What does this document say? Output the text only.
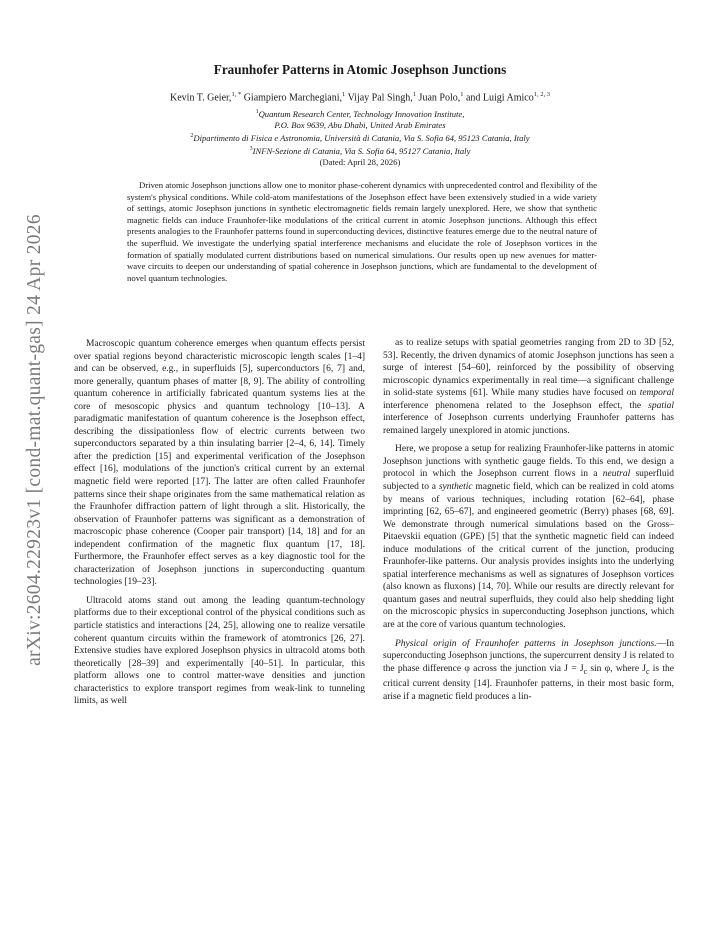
arXiv:2604.22923v1 [cond-mat.quant-gas] 24 Apr 2026
Fraunhofer Patterns in Atomic Josephson Junctions
Kevin T. Geier,$^{1, *}$ Giampiero Marchegiani,$^1$ Vijay Pal Singh,$^1$ Juan Polo,$^1$ and Luigi Amico$^{1, 2, 3}$
$^1$Quantum Research Center, Technology Innovation Institute,
P.O. Box 9639, Abu Dhabi, United Arab Emirates
$^2$Dipartimento di Fisica e Astronomia, Università di Catania, Via S. Sofia 64, 95123 Catania, Italy
$^3$INFN-Sezione di Catania, Via S. Sofia 64, 95127 Catania, Italy
(Dated: April 28, 2026)
Driven atomic Josephson junctions allow one to monitor phase-coherent dynamics with unprecedented control and flexibility of the system's physical conditions. While cold-atom manifestations of the Josephson effect have been extensively studied in a wide variety of settings, atomic Josephson junctions in synthetic electromagnetic fields remain largely unexplored. Here, we show that synthetic magnetic fields can induce Fraunhofer-like modulations of the critical current in atomic Josephson junctions. Although this effect presents analogies to the Fraunhofer patterns found in superconducting devices, distinctive features emerge due to the neutral nature of the superfluid. We investigate the underlying spatial interference mechanisms and elucidate the role of Josephson vortices in the formation of spatially modulated current distributions based on numerical simulations. Our results open up new avenues for matter-wave circuits to deepen our understanding of spatial coherence in Josephson junctions, which are fundamental to the development of novel quantum technologies.

Macroscopic quantum coherence emerges when quantum effects persist over spatial regions beyond characteristic microscopic length scales [1–4] and can be observed, e.g., in superfluids [5], superconductors [6, 7] and, more generally, quantum phases of matter [8, 9]. The ability of controlling quantum coherence in artificially fabricated quantum systems lies at the core of mesoscopic physics and quantum technology [10–13]. A paradigmatic manifestation of quantum coherence is the Josephson effect, describing the dissipationless flow of electric currents between two superconductors separated by a thin insulating barrier [2–4, 6, 14]. Timely after the prediction [15] and experimental verification of the Josephson effect [16], modulations of the junction's critical current by an external magnetic field were reported [17]. The latter are often called Fraunhofer patterns since their shape originates from the same mathematical relation as the Fraunhofer diffraction pattern of light through a slit. Historically, the observation of Fraunhofer patterns was significant as a demonstration of macroscopic phase coherence (Cooper pair transport) [14, 18] and for an independent confirmation of the magnetic flux quantum [17, 18]. Furthermore, the Fraunhofer effect serves as a key diagnostic tool for the characterization of Josephson junctions in superconducting quantum technologies [19–23].

Ultracold atoms stand out among the leading quantum-technology platforms due to their exceptional control of the physical conditions such as particle statistics and interactions [24, 25], allowing one to realize versatile coherent quantum circuits within the framework of atomtronics [26, 27]. Extensive studies have explored Josephson physics in ultracold atoms both theoretically [28–39] and experimentally [40–51]. In particular, this platform allows one to control matter-wave densities and junction characteristics to explore transport regimes from weak-link to tunneling limits, as well

as to realize setups with spatial geometries ranging from 2D to 3D [52, 53]. Recently, the driven dynamics of atomic Josephson junctions has seen a surge of interest [54–60], reinforced by the possibility of observing microscopic dynamics experimentally in real time—a significant challenge in solid-state systems [61]. While many studies have focused on temporal interference phenomena related to the Josephson effect, the spatial interference of Josephson currents underlying Fraunhofer patterns has remained largely unexplored in atomic junctions.

Here, we propose a setup for realizing Fraunhofer-like patterns in atomic Josephson junctions with synthetic gauge fields. To this end, we design a protocol in which the Josephson current flows in a neutral superfluid subjected to a synthetic magnetic field, which can be realized in cold atoms by means of various techniques, including rotation [62–64], phase imprinting [62, 65–67], and engineered geometric (Berry) phases [68, 69]. We demonstrate through numerical simulations based on the Gross–Pitaevskii equation (GPE) [5] that the synthetic magnetic field can indeed induce modulations of the critical current of the junction, producing Fraunhofer-like patterns. Our analysis provides insights into the underlying spatial interference mechanisms as well as signatures of Josephson vortices (also known as fluxons) [14, 70]. While our results are directly relevant for quantum gases and neutral superfluids, they could also help shedding light on the microscopic physics in superconducting Josephson junctions, which are at the core of various quantum technologies.

Physical origin of Fraunhofer patterns in Josephson junctions.—In superconducting Josephson junctions, the supercurrent density J is related to the phase difference φ across the junction via $J = J_c$ sin φ, where $J_c$ is the critical current density [14]. Fraunhofer patterns, in their most basic form, arise if a magnetic field produces a lin-
